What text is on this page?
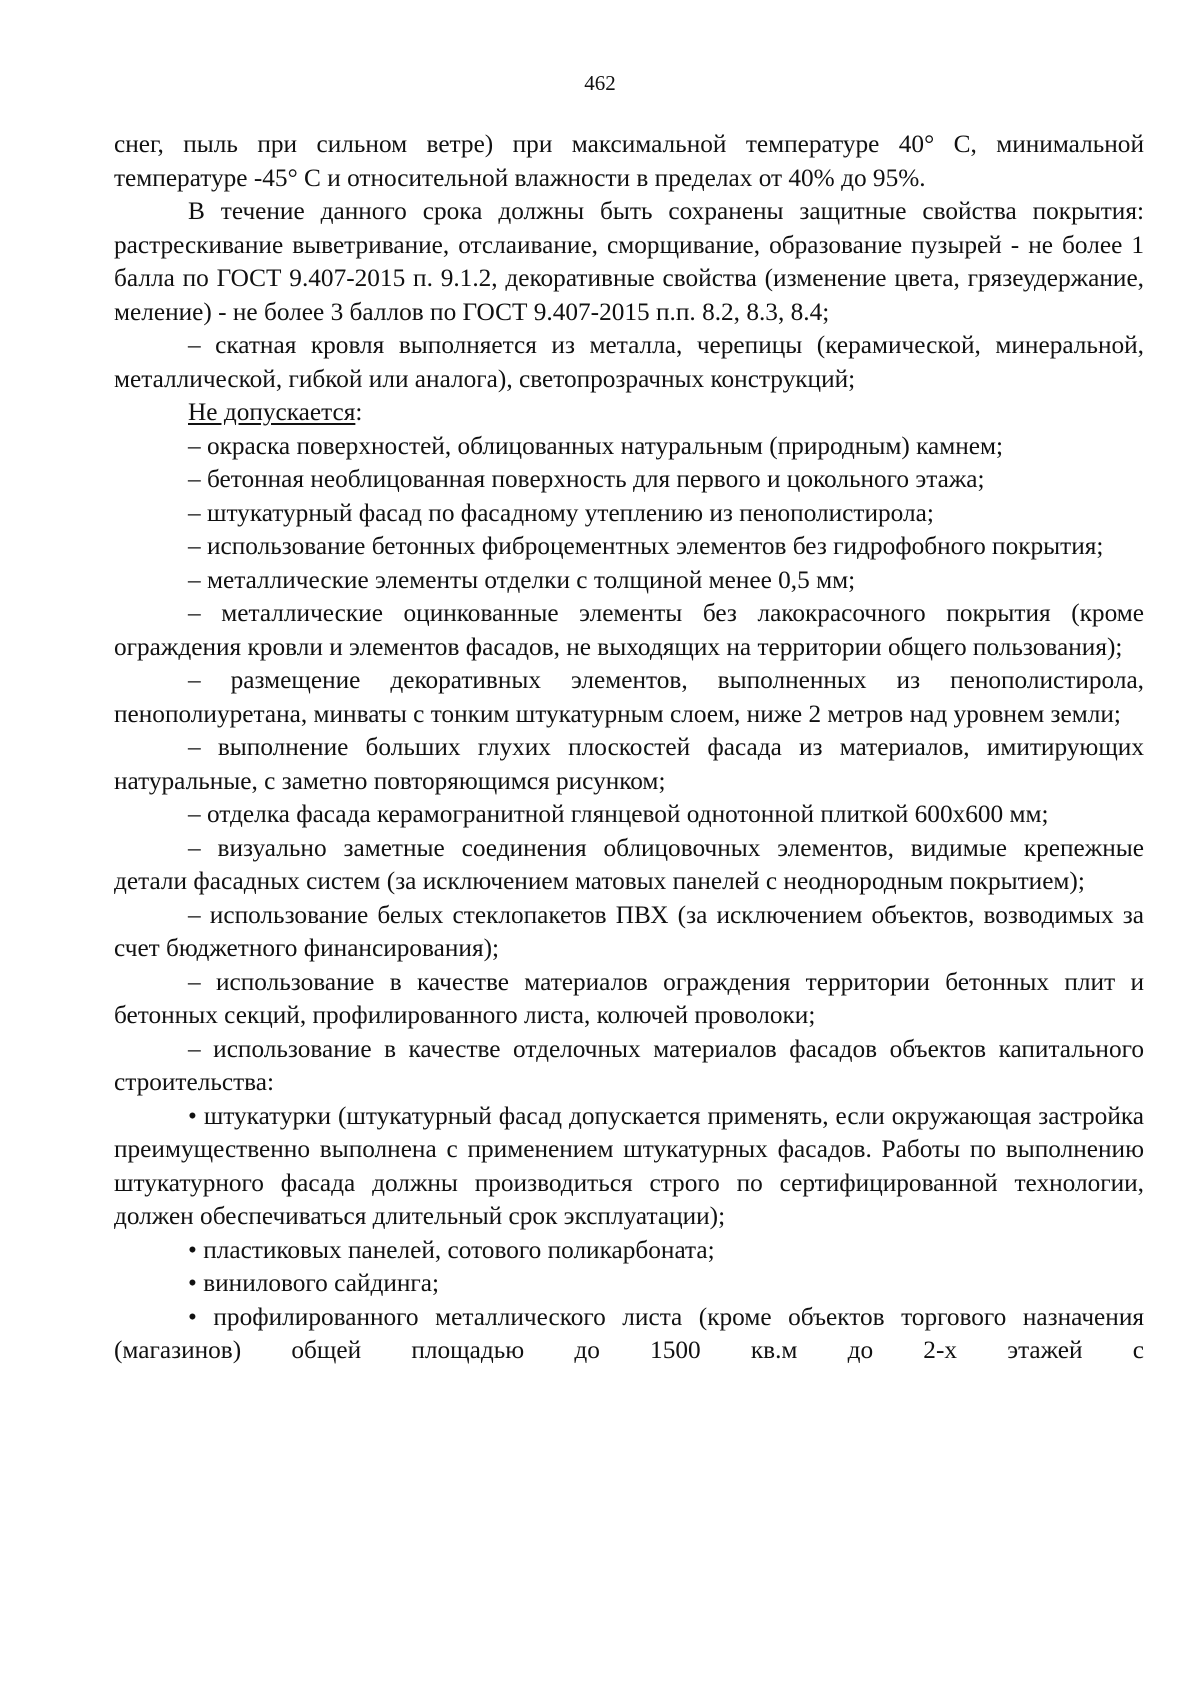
462

снег, пыль при сильном ветре) при максимальной температуре 40° С, минимальной температуре -45° С и относительной влажности в пределах от 40% до 95%.

В течение данного срока должны быть сохранены защитные свойства покрытия: растрескивание выветривание, отслаивание, сморщивание, образование пузырей - не более 1 балла по ГОСТ 9.407-2015 п. 9.1.2, декоративные свойства (изменение цвета, грязеудержание, меление) - не более 3 баллов по ГОСТ 9.407-2015 п.п. 8.2, 8.3, 8.4;

– скатная кровля выполняется из металла, черепицы (керамической, минеральной, металлической, гибкой или аналога), светопрозрачных конструкций;

Не допускается:

– окраска поверхностей, облицованных натуральным (природным) камнем;

– бетонная необлицованная поверхность для первого и цокольного этажа;

– штукатурный фасад по фасадному утеплению из пенополистирола;

– использование бетонных фиброцементных элементов без гидрофобного покрытия;

– металлические элементы отделки с толщиной менее 0,5 мм;

– металлические оцинкованные элементы без лакокрасочного покрытия (кроме ограждения кровли и элементов фасадов, не выходящих на территории общего пользования);

– размещение декоративных элементов, выполненных из пенополистирола, пенополиуретана, минваты с тонким штукатурным слоем, ниже 2 метров над уровнем земли;

– выполнение больших глухих плоскостей фасада из материалов, имитирующих натуральные, с заметно повторяющимся рисунком;

– отделка фасада керамогранитной глянцевой однотонной плиткой 600х600 мм;

– визуально заметные соединения облицовочных элементов, видимые крепежные детали фасадных систем (за исключением матовых панелей с неоднородным покрытием);

– использование белых стеклопакетов ПВХ (за исключением объектов, возводимых за счет бюджетного финансирования);

– использование в качестве материалов ограждения территории бетонных плит и бетонных секций, профилированного листа, колючей проволоки;

– использование в качестве отделочных материалов фасадов объектов капитального строительства:

• штукатурки (штукатурный фасад допускается применять, если окружающая застройка преимущественно выполнена с применением штукатурных фасадов. Работы по выполнению штукатурного фасада должны производиться строго по сертифицированной технологии, должен обеспечиваться длительный срок эксплуатации);

• пластиковых панелей, сотового поликарбоната;

• винилового сайдинга;

• профилированного металлического листа (кроме объектов торгового назначения (магазинов) общей площадью до 1500 кв.м до 2-х этажей с
